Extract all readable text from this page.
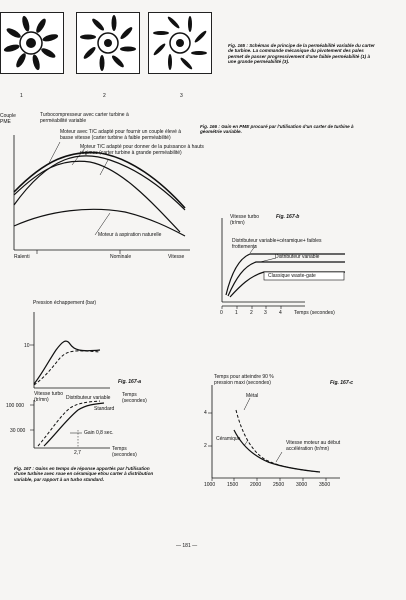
1	2	3
Fig. 165 : Schémas de principe de la perméabilité variable du carter de turbine. La commande mécanique du pivotement des pales permet de passer progressivement d'une faible perméabilité (1) à une grande perméabilité (3).
Couple PME
Turbocompresseur avec carter turbine à perméabilité variable
Moteur avec T/C adapté pour fournir un couple élevé à basse vitesse (carter turbine à faible perméabilité)
Moteur T/C adapté pour donner de la puissance à hauts régimes (carter turbine à grande perméabilité)
Moteur à aspiration naturelle
Ralenti	Nominale	Vitesse
Fig. 166 : Gain en PME procuré par l'utilisation d'un carter de turbine à géométrie variable.
Vitesse turbo (tr/mn)
Fig. 167-b
Distributeur variable+céramique+ faibles frottements
Distributeur variable
Classique waste-gate
0 1 2 3 4 Temps (secondes)
Pression échappement (bar)
10
Fig. 167-a
Vitesse turbo (tr/mn)
Temps (secondes)
Distributeur variable
100 000	Standard
30 000	Gain 0,8 sec.
2,7
Temps (secondes)
Fig. 167 : Gains en temps de réponse apportés par l'utilisation d'une turbine avec roue en céramique et/ou carter à distribution variable, par rapport à un turbo standard.
Temps pour atteindre 90 % pression maxi (secondes)	Fig. 167-c
Métal
4
Céramique
2	Vitesse moteur au début accélération (tr/mn)
1000 1500 2000 2500 3000 3500
— 181 —
